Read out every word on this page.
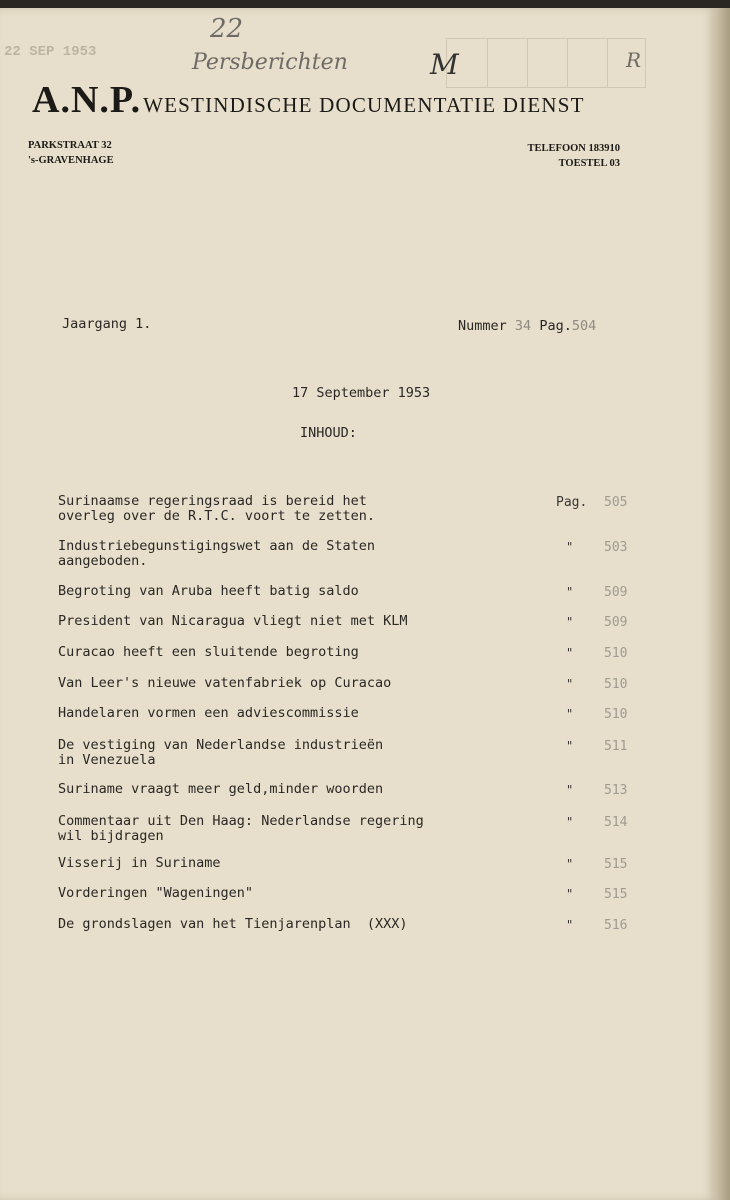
22 SEP 1953
22
Persberichten	M	R
A.N.P.WESTINDISCHE DOCUMENTATIE DIENST
PARKSTRAAT 32
's-GRAVENHAGE
TELEFOON 183910
TOESTEL 03
Jaargang 1.	Nummer 34 Pag.504
17 September 1953
INHOUD:
Surinaamse regeringsraad is bereid het
overleg over de R.T.C. voort te zetten.
Pag. 505
Industriebegunstigingswet aan de Staten
aangeboden.
" 503
Begroting van Aruba heeft batig saldo	" 509
President van Nicaragua vliegt niet met KLM	" 509
Curacao heeft een sluitende begroting	" 510
Van Leer's nieuwe vatenfabriek op Curacao	" 510
Handelaren vormen een adviescommissie	" 510
De vestiging van Nederlandse industrieën
in Venezuela
" 511
Suriname vraagt meer geld,minder woorden	" 513
Commentaar uit Den Haag: Nederlandse regering
wil bijdragen
" 514
Visserij in Suriname	" 515
Vorderingen "Wageningen"	" 515
De grondslagen van het Tienjarenplan  (XXX)	" 516
